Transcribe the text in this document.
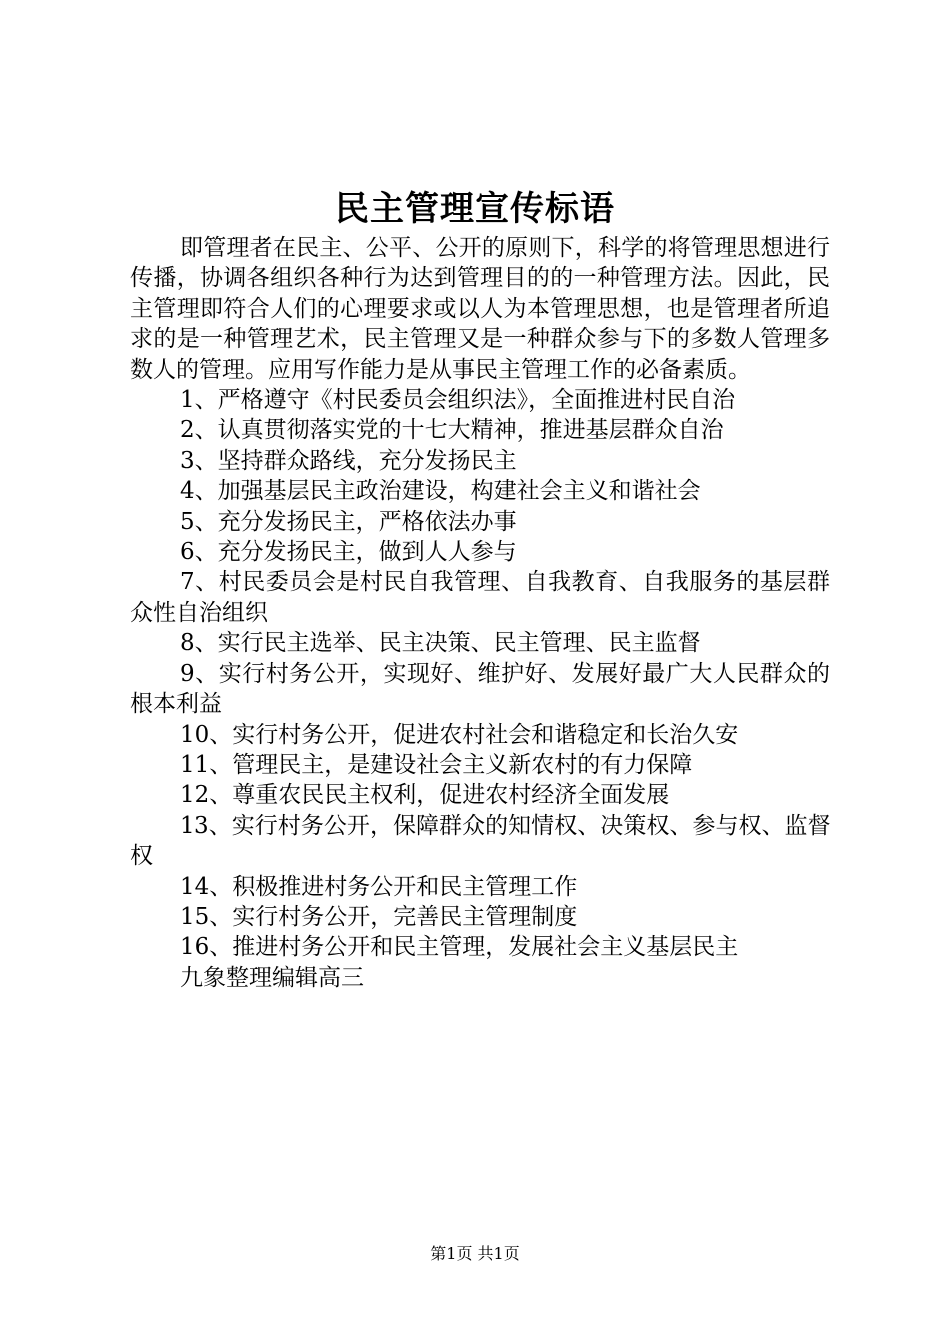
民主管理宣传标语

即管理者在民主、公平、公开的原则下，科学的将管理思想进行传播，协调各组织各种行为达到管理目的的一种管理方法。因此，民主管理即符合人们的心理要求或以人为本管理思想，也是管理者所追求的是一种管理艺术，民主管理又是一种群众参与下的多数人管理多数人的管理。应用写作能力是从事民主管理工作的必备素质。

1、严格遵守《村民委员会组织法》，全面推进村民自治

2、认真贯彻落实党的十七大精神，推进基层群众自治

3、坚持群众路线，充分发扬民主

4、加强基层民主政治建设，构建社会主义和谐社会

5、充分发扬民主，严格依法办事

6、充分发扬民主，做到人人参与

7、村民委员会是村民自我管理、自我教育、自我服务的基层群众性自治组织

8、实行民主选举、民主决策、民主管理、民主监督

9、实行村务公开，实现好、维护好、发展好最广大人民群众的根本利益

10、实行村务公开，促进农村社会和谐稳定和长治久安

11、管理民主，是建设社会主义新农村的有力保障

12、尊重农民民主权利，促进农村经济全面发展

13、实行村务公开，保障群众的知情权、决策权、参与权、监督权

14、积极推进村务公开和民主管理工作

15、实行村务公开，完善民主管理制度

16、推进村务公开和民主管理，发展社会主义基层民主

九象整理编辑高三

第1页 共1页
